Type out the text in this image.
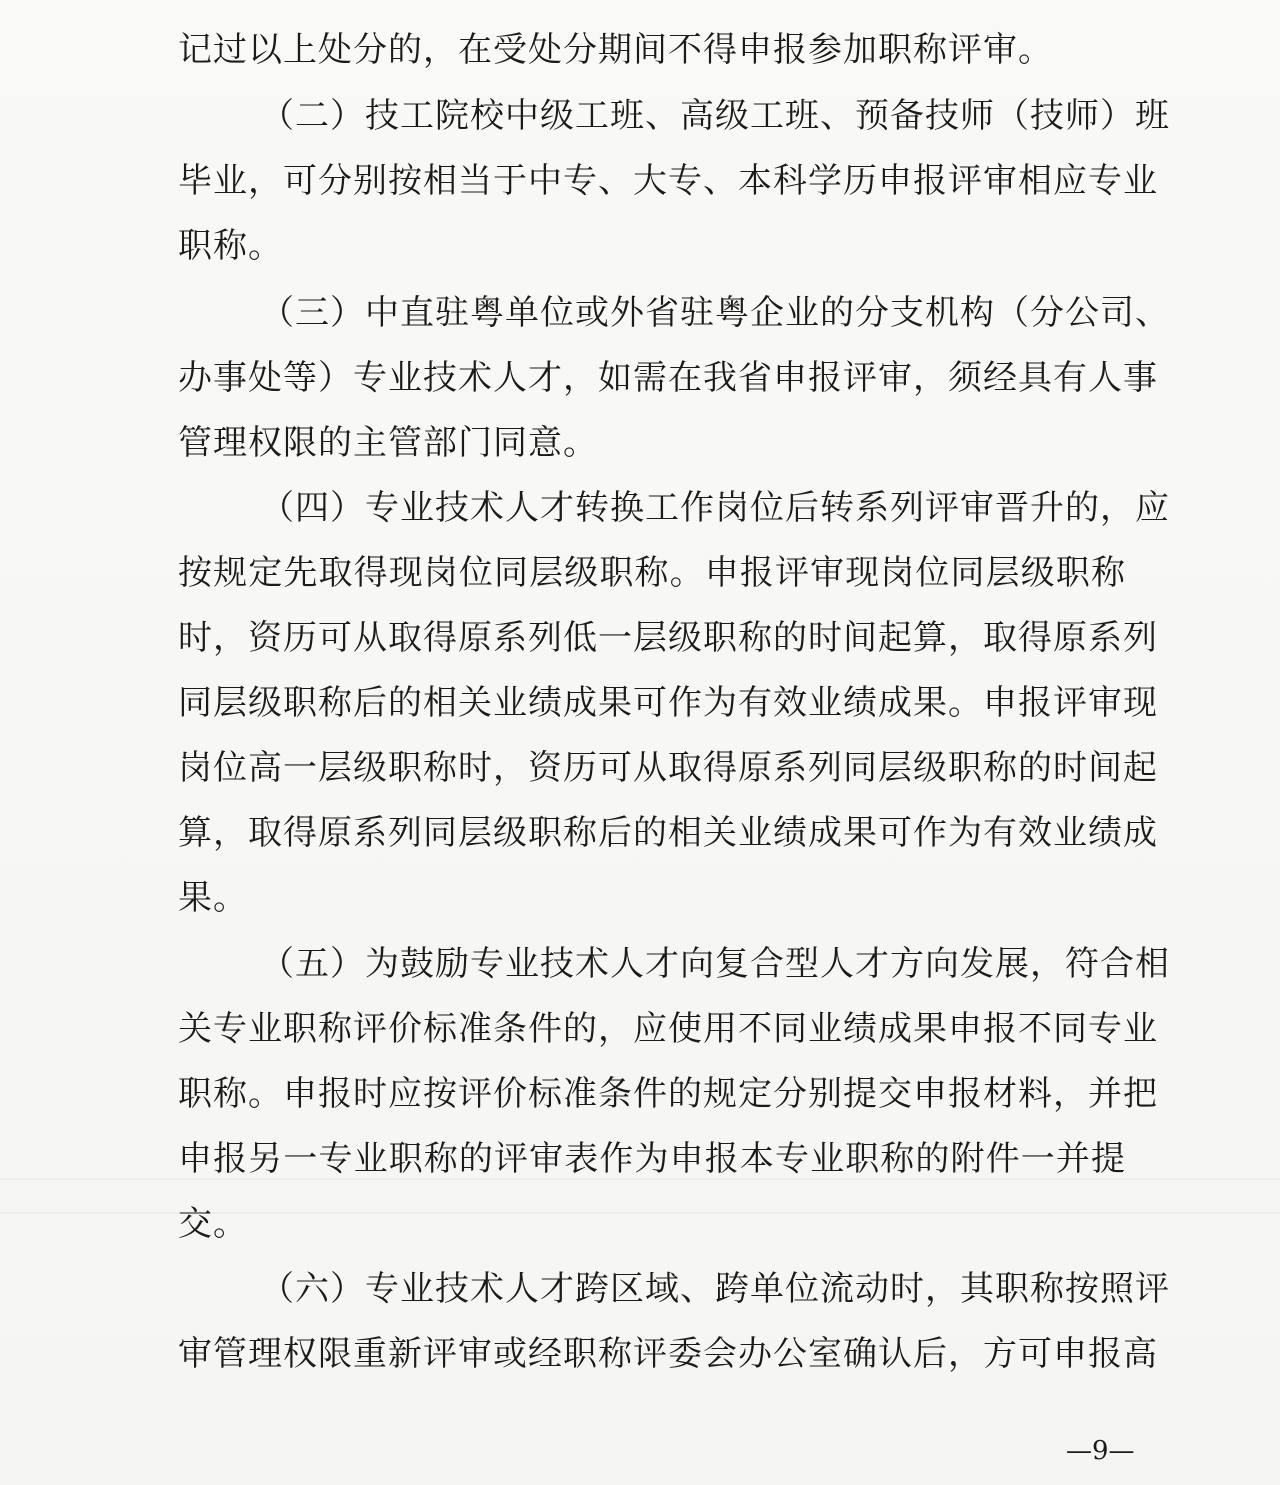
记过以上处分的，在受处分期间不得申报参加职称评审。
（二）技工院校中级工班、高级工班、预备技师（技师）班
毕业，可分别按相当于中专、大专、本科学历申报评审相应专业
职称。
（三）中直驻粤单位或外省驻粤企业的分支机构（分公司、
办事处等）专业技术人才，如需在我省申报评审，须经具有人事
管理权限的主管部门同意。
（四）专业技术人才转换工作岗位后转系列评审晋升的，应
按规定先取得现岗位同层级职称。申报评审现岗位同层级职称
时，资历可从取得原系列低一层级职称的时间起算，取得原系列
同层级职称后的相关业绩成果可作为有效业绩成果。申报评审现
岗位高一层级职称时，资历可从取得原系列同层级职称的时间起
算，取得原系列同层级职称后的相关业绩成果可作为有效业绩成
果。
（五）为鼓励专业技术人才向复合型人才方向发展，符合相
关专业职称评价标准条件的，应使用不同业绩成果申报不同专业
职称。申报时应按评价标准条件的规定分别提交申报材料，并把
申报另一专业职称的评审表作为申报本专业职称的附件一并提
交。
（六）专业技术人才跨区域、跨单位流动时，其职称按照评
审管理权限重新评审或经职称评委会办公室确认后，方可申报高
—9—
